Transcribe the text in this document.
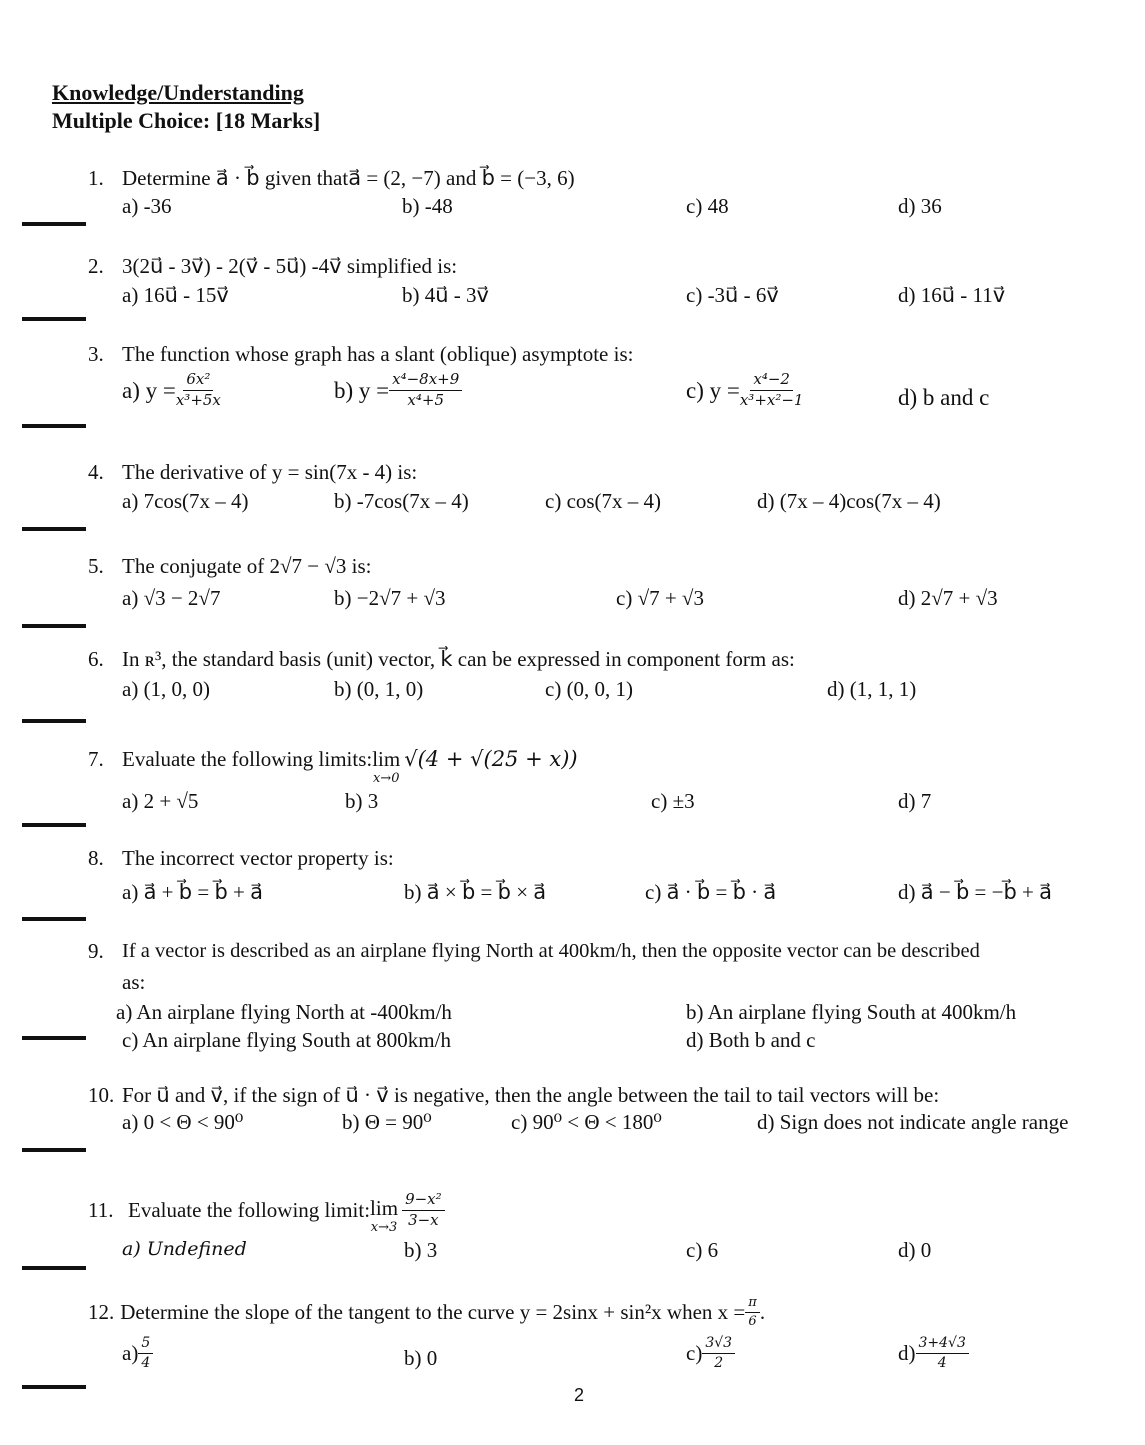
Knowledge/Understanding
Multiple Choice: [18 Marks]
1. Determine a⃗ · b⃗ given thata⃗ = (2, −7) and b⃗ = (−3, 6)
a) -36	b) -48	c) 48	d) 36
2. 3(2u⃗ - 3v⃗) - 2(v⃗ - 5u⃗) -4v⃗ simplified is:
a) 16u⃗ - 15v⃗	b) 4u⃗ - 3v⃗	c) -3u⃗ - 6v⃗	d) 16u⃗ - 11v⃗
3. The function whose graph has a slant (oblique) asymptote is:
a) $y = \frac{\text{6x²}}{\text{x³+5x}}$	b) $y = \frac{\text{x⁴−8x+9}}{\text{x⁴+5}}$	c) $y = \frac{\text{x⁴−2}}{\text{x³+x²−1}}$	d) b and c
4. The derivative of y = sin(7x - 4) is:
a) 7cos(7x – 4)	b) -7cos(7x – 4)	c) cos(7x – 4)	d) (7x – 4)cos(7x – 4)
5. The conjugate of 2√7 − √3 is:
a) √3 − 2√7	b) −2√7 + √3	c) √7 + √3	d) 2√7 + √3
6. In ʀ³, the standard basis (unit) vector, k⃗ can be expressed in component form as:
a) (1, 0, 0)	b) (0, 1, 0)	c) (0, 0, 1)	d) (1, 1, 1)
7. Evaluate the following limits: lim
x→0
√(4 + √(25 + x))
a) 2 + √5	b) 3	c) ±3	d) 7
8. The incorrect vector property is:
a) a⃗ + b⃗ = b⃗ + a⃗	b) a⃗ × b⃗ = b⃗ × a⃗	c) a⃗ · b⃗ = b⃗ · a⃗	d) a⃗ − b⃗ = −b⃗ + a⃗
9. If a vector is described as an airplane flying North at 400km/h, then the opposite vector can be described
as:
a) An airplane flying North at -400km/h	b) An airplane flying South at 400km/h
c) An airplane flying South at 800km/h	d) Both b and c
10. For u⃗ and v⃗, if the sign of u⃗ · v⃗ is negative, then the angle between the tail to tail vectors will be:
a) 0 < Θ < 90⁰	b) Θ = 90⁰	c) 90⁰ < Θ < 180⁰	d) Sign does not indicate angle range
11. Evaluate the following limit: lim
$x\to 3 \frac{\text{9−x²}}{3-x}$
a) Undefined	b) 3	c) 6	d) 0
12. Determine the slope of the tangent to the curve y = 2sinx + sin²x when $x = \frac{\pi}{6}$ .
$a) \frac{5}{4}$	b) 0	$c) \frac{3√3}{2}$	$d) \frac{3+4√3}{4}$
2
